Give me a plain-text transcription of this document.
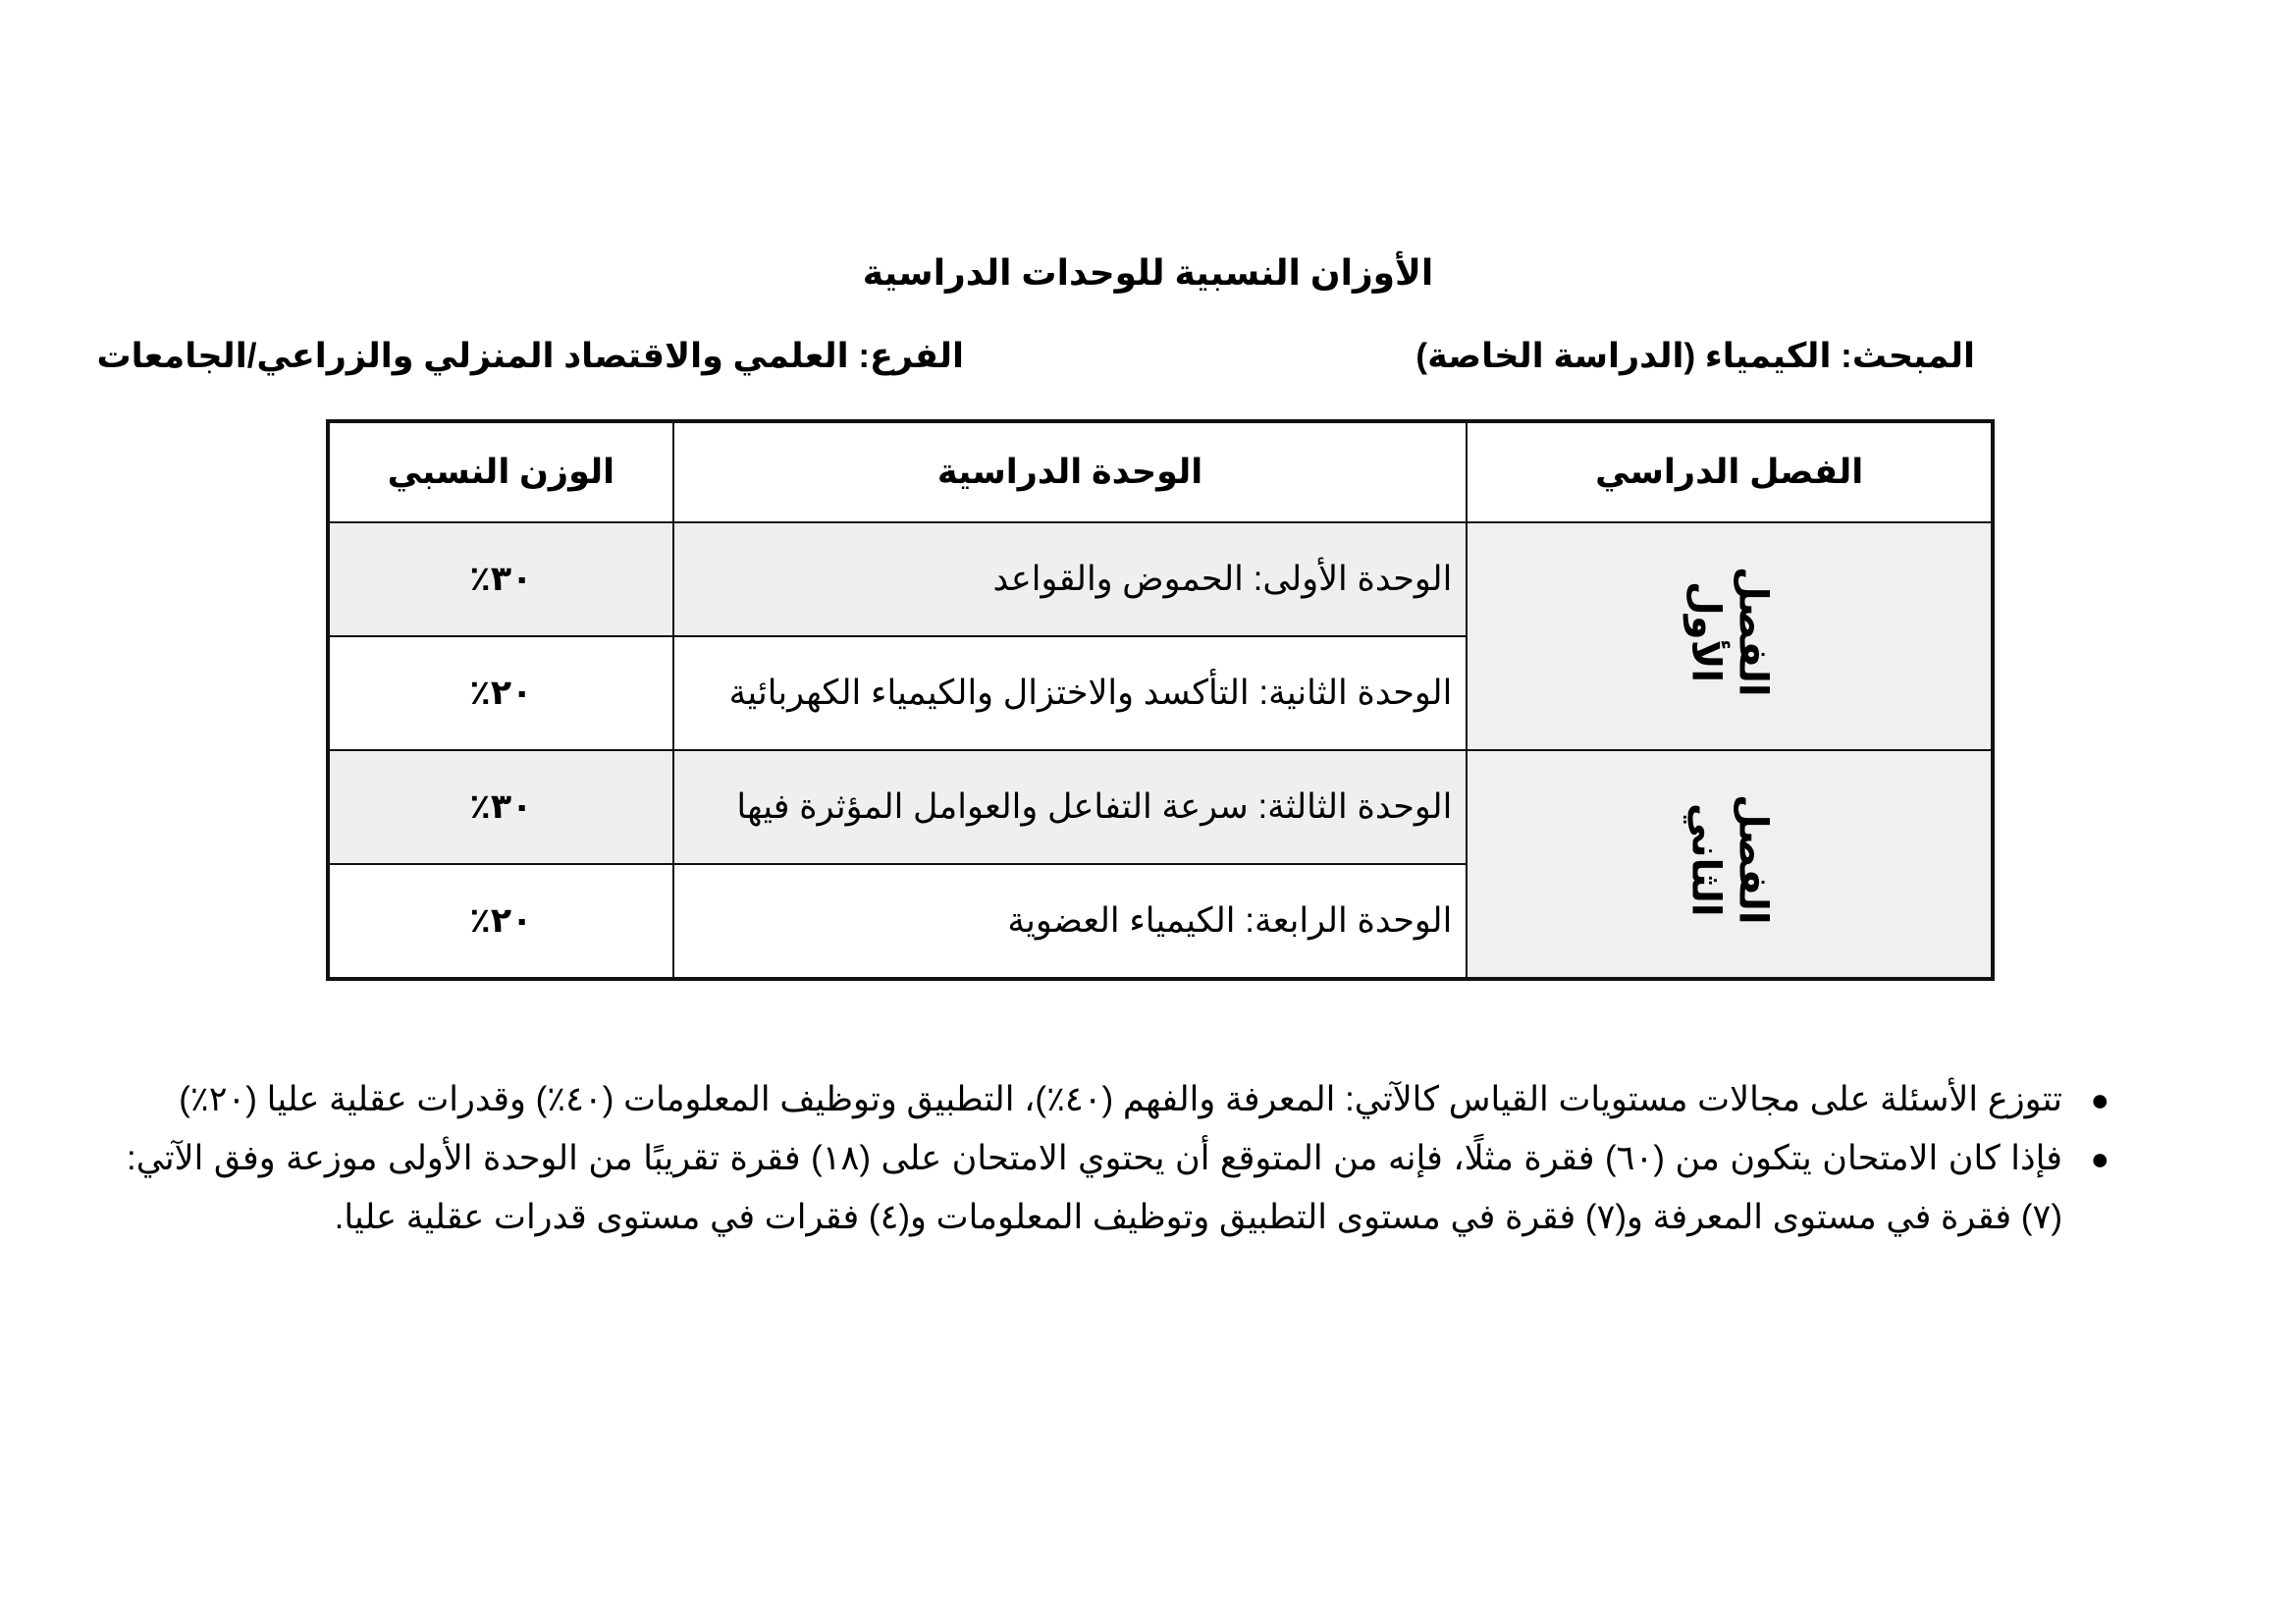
الأوزان النسبية للوحدات الدراسية
المبحث: الكيمياء (الدراسة الخاصة)
الفرع: العلمي والاقتصاد المنزلي والزراعي/الجامعات
الفصل الدراسي	الوحدة الدراسية	الوزن النسبي
الفصل الأول	الوحدة الأولى: الحموض والقواعد	٣٠٪
	الوحدة الثانية: التأكسد والاختزال والكيمياء الكهربائية	٢٠٪
الفصل الثاني	الوحدة الثالثة: سرعة التفاعل والعوامل المؤثرة فيها	٣٠٪
	الوحدة الرابعة: الكيمياء العضوية	٢٠٪
●
تتوزع الأسئلة على مجالات مستويات القياس كالآتي: المعرفة والفهم (٤٠٪)، التطبيق وتوظيف المعلومات (٤٠٪) وقدرات عقلية عليا (٢٠٪)
●
فإذا كان الامتحان يتكون من (٦٠) فقرة مثلًا، فإنه من المتوقع أن يحتوي الامتحان على (١٨) فقرة تقريبًا من الوحدة الأولى موزعة وفق الآتي: (٧) فقرة في مستوى المعرفة و(٧) فقرة في مستوى التطبيق وتوظيف المعلومات و(٤) فقرات في مستوى قدرات عقلية عليا.
